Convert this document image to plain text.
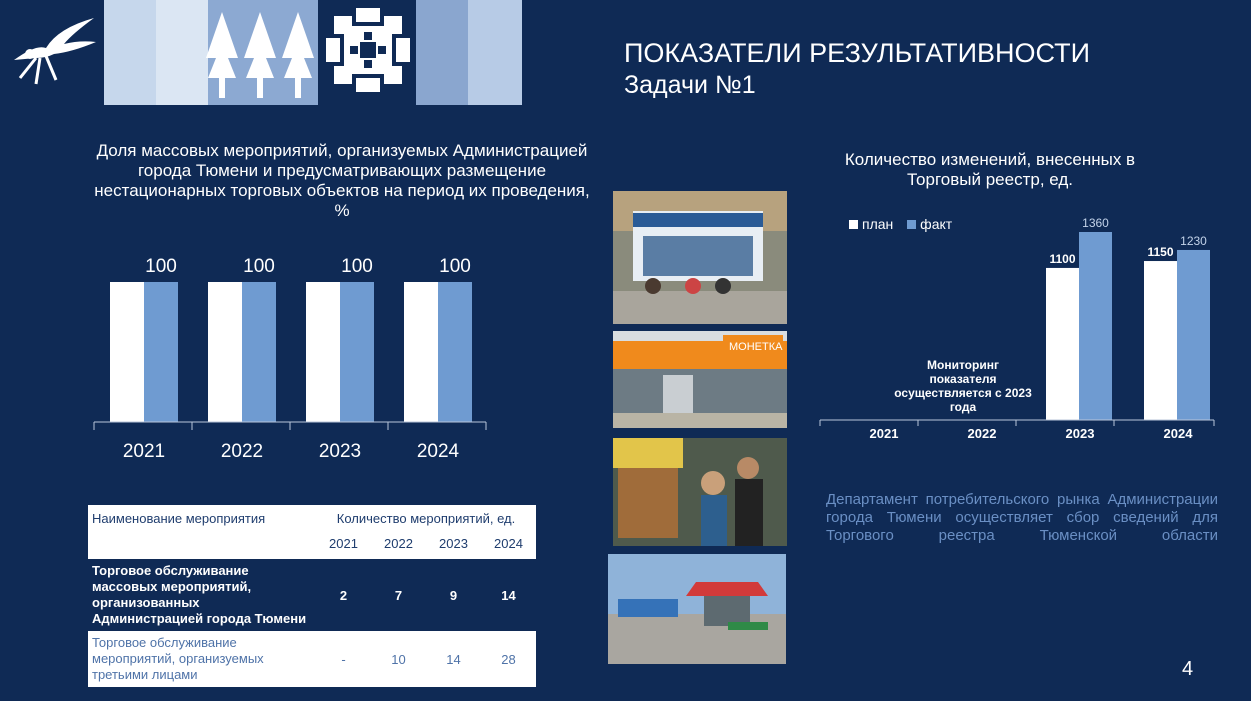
ПОКАЗАТЕЛИ РЕЗУЛЬТАТИВНОСТИ
Задачи №1
Доля массовых мероприятий, организуемых Администрацией города Тюмени и предусматривающих размещение нестационарных торговых объектов на период их проведения, %
100
2021
100
2022
100
2023
100
2024
Количество изменений, внесенных в Торговый реестр, ед.
план факт
2021	2022
1100
1360
2023
1150
1230
2024
Мониторинг показателя осуществляется с 2023 года
МОНЕТКА
Наименование мероприятия	Количество мероприятий, ед.			
	2021	2022	2023	2024
Торговое обслуживание массовых мероприятий, организованных Администрацией города Тюмени	2	7	9	14
Торговое обслуживание мероприятий, организуемых третьими лицами	-	10	14	28
Департамент потребительского рынка Администрации города Тюмени осуществляет сбор сведений для Торгового реестра Тюменской области
4
